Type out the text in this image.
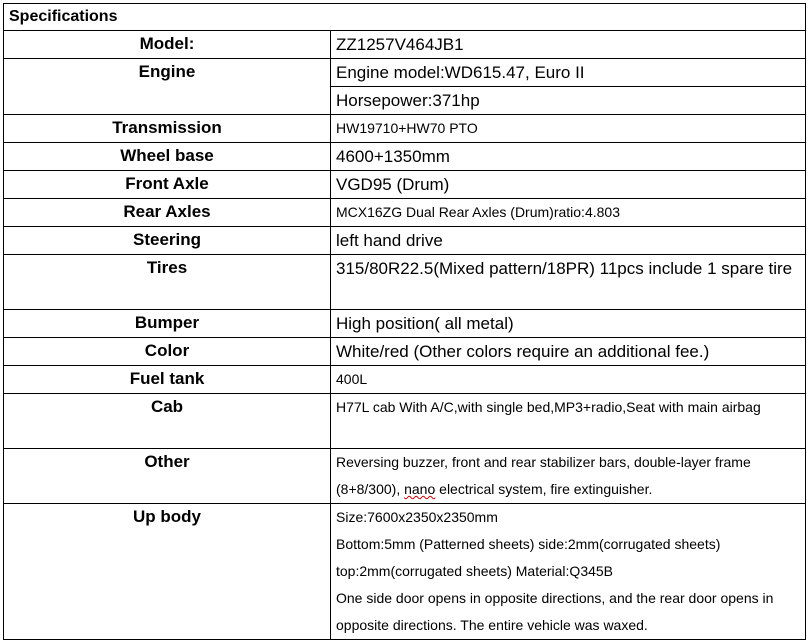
Specifications	
Model:	ZZ1257V464JB1
Engine	Engine model:WD615.47, Euro II
	Horsepower:371hp
Transmission	HW19710+HW70 PTO
Wheel base	4600+1350mm
Front Axle	VGD95 (Drum)
Rear Axles	MCX16ZG Dual Rear Axles (Drum)ratio:4.803
Steering	left hand drive
Tires	315/80R22.5(Mixed pattern/18PR) 11pcs include 1 spare tire
Bumper	High position( all metal)
Color	White/red (Other colors require an additional fee.)
Fuel tank	400L
Cab	H77L cab With A/C,with single bed,MP3+radio,Seat with main airbag
Other	Reversing buzzer, front and rear stabilizer bars, double-layer frame (8+8/300), nano electrical system, fire extinguisher.
Up body	Size:7600x2350x2350mm
Bottom:5mm (Patterned sheets) side:2mm(corrugated sheets) top:2mm(corrugated sheets) Material:Q345B
One side door opens in opposite directions, and the rear door opens in opposite directions. The entire vehicle was waxed.
